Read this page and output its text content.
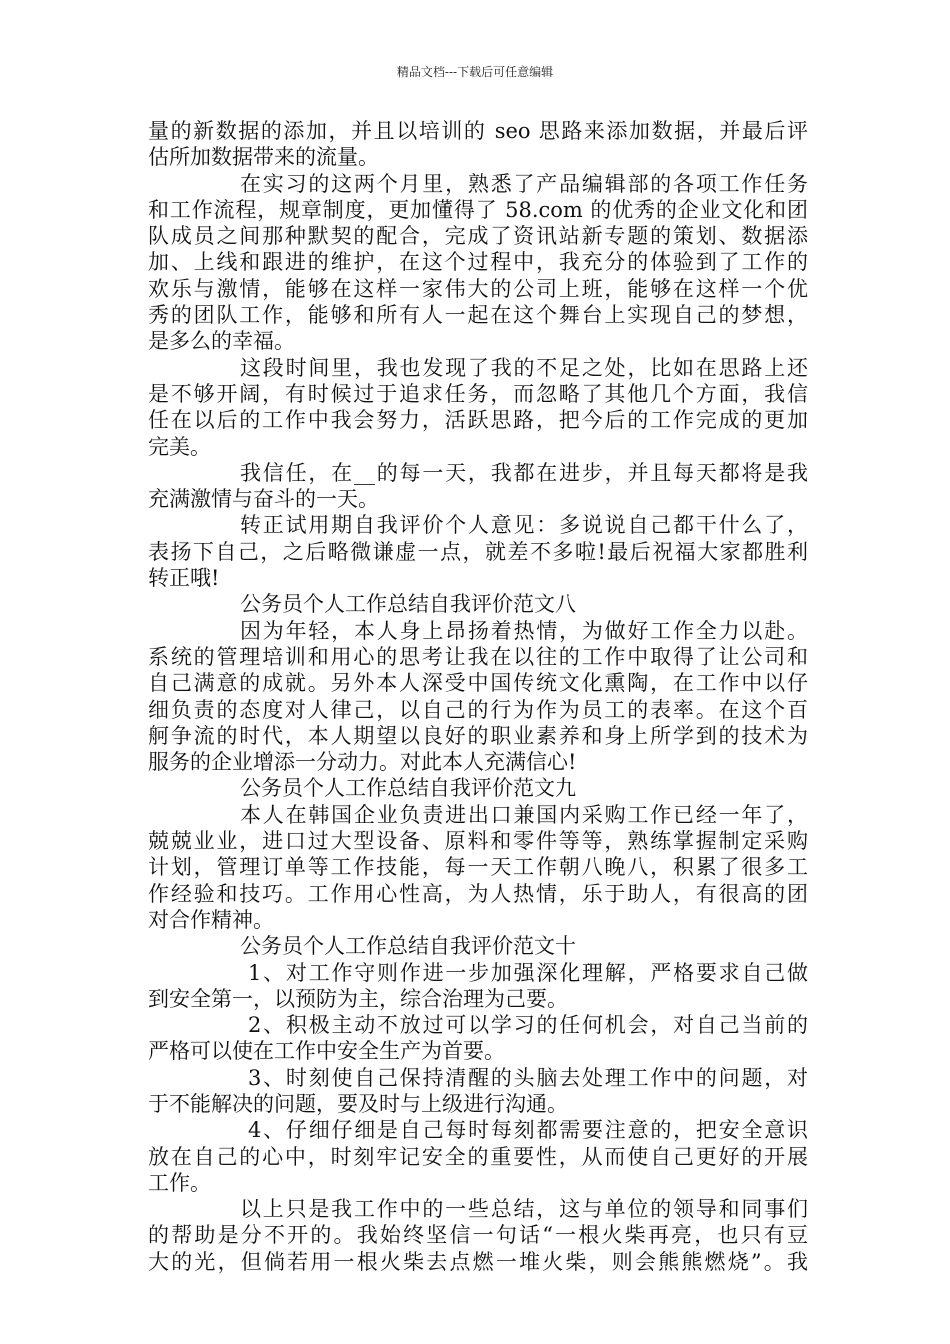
精品文档---下载后可任意编辑
量的新数据的添加，并且以培训的 seo 思路来添加数据，并最后评
估所加数据带来的流量。
在实习的这两个月里，熟悉了产品编辑部的各项工作任务
和工作流程，规章制度，更加懂得了 58.com 的优秀的企业文化和团
队成员之间那种默契的配合，完成了资讯站新专题的策划、数据添
加、上线和跟进的维护，在这个过程中，我充分的体验到了工作的
欢乐与激情，能够在这样一家伟大的公司上班，能够在这样一个优
秀的团队工作，能够和所有人一起在这个舞台上实现自己的梦想，
是多么的幸福。
这段时间里，我也发现了我的不足之处，比如在思路上还
是不够开阔，有时候过于追求任务，而忽略了其他几个方面，我信
任在以后的工作中我会努力，活跃思路，把今后的工作完成的更加
完美。
我信任，在__的每一天，我都在进步，并且每天都将是我
充满激情与奋斗的一天。
转正试用期自我评价个人意见：多说说自己都干什么了，
表扬下自己，之后略微谦虚一点，就差不多啦!最后祝福大家都胜利
转正哦!
公务员个人工作总结自我评价范文八
因为年轻，本人身上昂扬着热情，为做好工作全力以赴。
系统的管理培训和用心的思考让我在以往的工作中取得了让公司和
自己满意的成就。另外本人深受中国传统文化熏陶，在工作中以仔
细负责的态度对人律己，以自己的行为作为员工的表率。在这个百
舸争流的时代，本人期望以良好的职业素养和身上所学到的技术为
服务的企业增添一分动力。对此本人充满信心!
公务员个人工作总结自我评价范文九
本人在韩国企业负责进出口兼国内采购工作已经一年了，
兢兢业业，进口过大型设备、原料和零件等等，熟练掌握制定采购
计划，管理订单等工作技能，每一天工作朝八晚八，积累了很多工
作经验和技巧。工作用心性高，为人热情，乐于助人，有很高的团
对合作精神。
公务员个人工作总结自我评价范文十
1、对工作守则作进一步加强深化理解，严格要求自己做
到安全第一，以预防为主，综合治理为己要。
2、积极主动不放过可以学习的任何机会，对自己当前的
严格可以使在工作中安全生产为首要。
3、时刻使自己保持清醒的头脑去处理工作中的问题，对
于不能解决的问题，要及时与上级进行沟通。
4、仔细仔细是自己每时每刻都需要注意的，把安全意识
放在自己的心中，时刻牢记安全的重要性，从而使自己更好的开展
工作。
以上只是我工作中的一些总结，这与单位的领导和同事们
的帮助是分不开的。我始终坚信一句话“一根火柴再亮，也只有豆
大的光，但倘若用一根火柴去点燃一堆火柴，则会熊熊燃烧”。我
